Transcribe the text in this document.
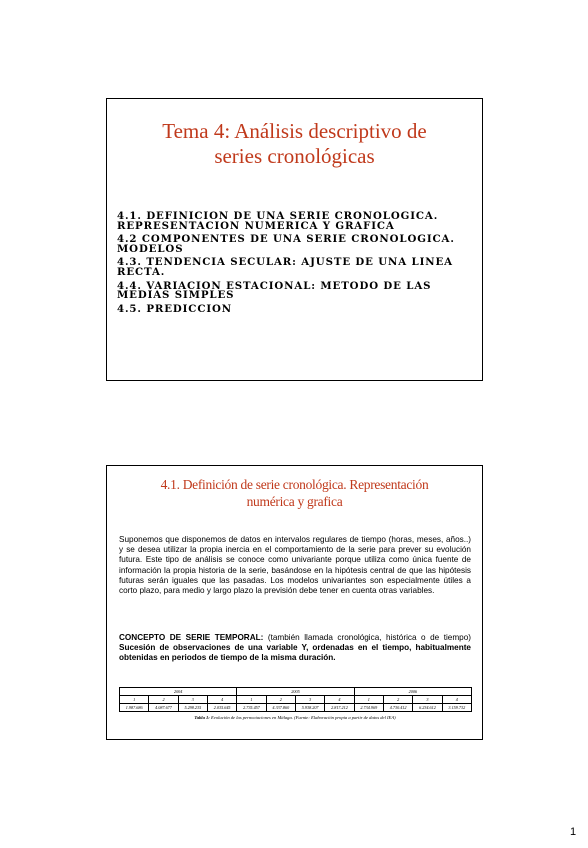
Tema 4: Análisis descriptivo de
series cronológicas
4.1. DEFINICION DE UNA SERIE CRONOLOGICA. REPRESENTACION NUMERICA Y GRAFICA
4.2 COMPONENTES DE UNA SERIE CRONOLOGICA. MODELOS
4.3. TENDENCIA SECULAR: AJUSTE DE UNA LINEA RECTA.
4.4. VARIACION ESTACIONAL: METODO DE LAS MEDIAS SIMPLES
4.5. PREDICCION
4.1. Definición de serie cronológica. Representación
numérica y grafica

Suponemos que disponemos de datos en intervalos regulares de tiempo (horas, meses, años..) y se desea utilizar la propia inercia en el comportamiento de la serie para prever su evolución futura. Este tipo de análisis se conoce como univariante porque utiliza como única fuente de información la propia historia de la serie, basándose en la hipótesis central de que las hipótesis futuras serán iguales que las pasadas. Los modelos univariantes son especialmente útiles a corto plazo, para medio y largo plazo la previsión debe tener en cuenta otras variables.

CONCEPTO DE SERIE TEMPORAL: (también llamada cronológica, histórica o de tiempo) Sucesión de observaciones de una variable Y, ordenadas en el tiempo, habitualmente obtenidas en periodos de tiempo de la misma duración.

2004				2005				2006			
1	2	3	4	1	2	3	4	1	2	3	4
1.987.686	4.087.677	5.298.235	2.035.645	2.735.457	4.337.860	5.938.207	2.817.212	2.734.969	4.730.412	6.234.612	3.159.732
Tabla 1: Evolución de las pernoctaciones en Málaga. (Fuente: Elaboración propia a partir de datos del IEA)
1
